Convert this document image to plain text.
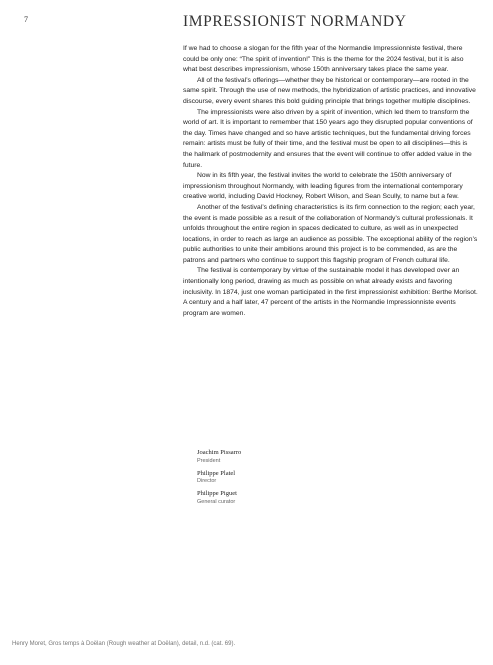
7	IMPRESSIONIST NORMANDY

If we had to choose a slogan for the fifth year of the Normandie Impressionniste festival, there could be only one: “The spirit of invention!” This is the theme for the 2024 festival, but it is also what best describes impressionism, whose 150th anniversary takes place the same year.

All of the festival’s offerings—whether they be historical or contemporary—are rooted in the same spirit. Through the use of new methods, the hybridization of artistic practices, and innovative discourse, every event shares this bold guiding principle that brings together multiple disciplines.

The impressionists were also driven by a spirit of invention, which led them to transform the world of art. It is important to remember that 150 years ago they disrupted popular conventions of the day. Times have changed and so have artistic techniques, but the fundamental driving forces remain: artists must be fully of their time, and the festival must be open to all disciplines—this is the hallmark of postmodernity and ensures that the event will continue to offer added value in the future.

Now in its fifth year, the festival invites the world to celebrate the 150th anniversary of impressionism throughout Normandy, with leading figures from the international contemporary creative world, including David Hockney, Robert Wilson, and Sean Scully, to name but a few.

Another of the festival’s defining characteristics is its firm connection to the region; each year, the event is made possible as a result of the collaboration of Normandy’s cultural professionals. It unfolds throughout the entire region in spaces dedicated to culture, as well as in unexpected locations, in order to reach as large an audience as possible. The exceptional ability of the region’s public authorities to unite their ambitions around this project is to be commended, as are the patrons and partners who continue to support this flagship program of French cultural life.

The festival is contemporary by virtue of the sustainable model it has developed over an intentionally long period, drawing as much as possible on what already exists and favoring inclusivity. In 1874, just one woman participated in the first impressionist exhibition: Berthe Morisot. A century and a half later, 47 percent of the artists in the Normandie Impressionniste events program are women.

Joachim Pissarro
President
Philippe Platel
Director
Philippe Piguet
General curator
Henry Moret, Gros temps à Doëlan (Rough weather at Doëlan), detail, n.d. (cat. 69).
